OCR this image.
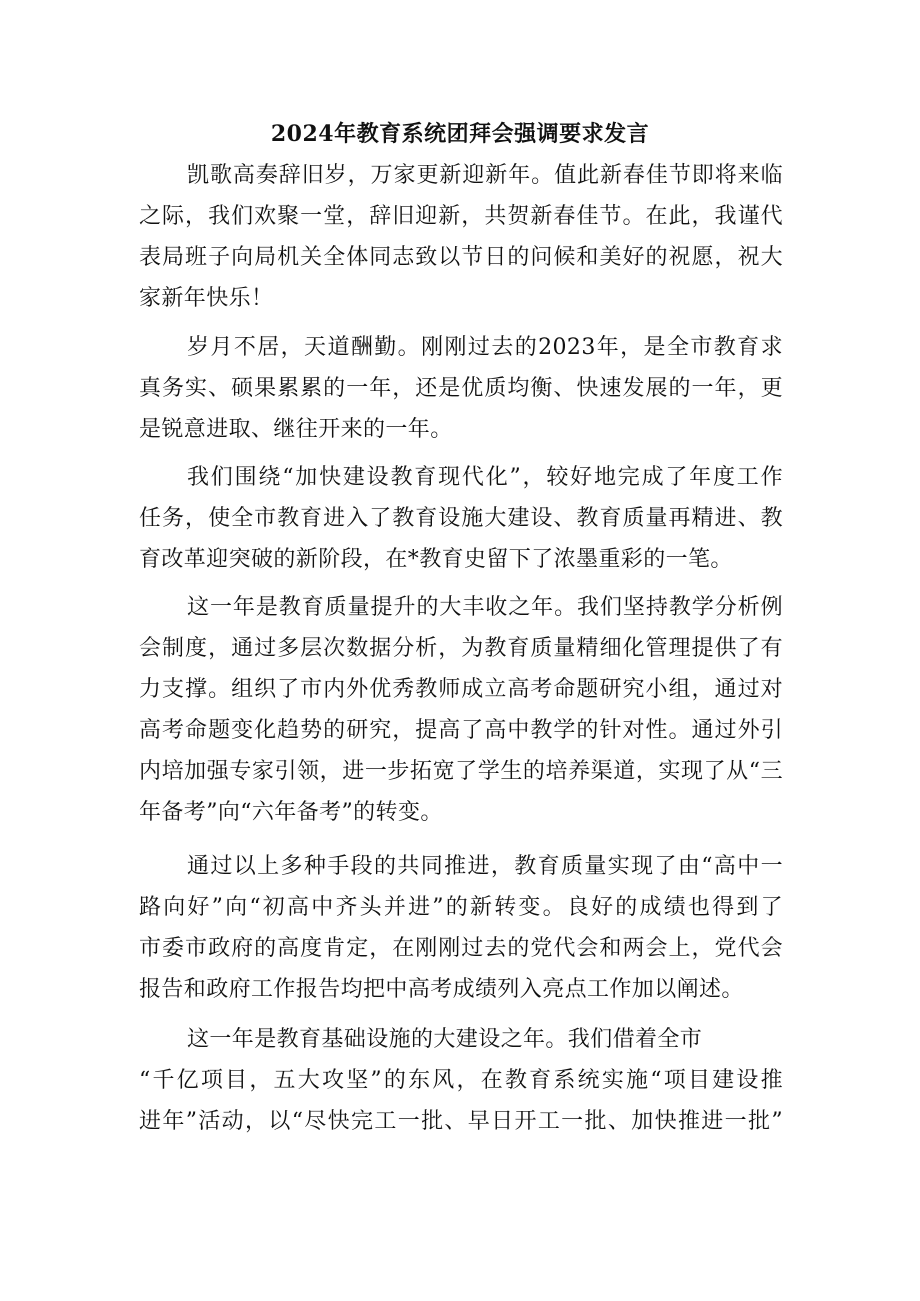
2024年教育系统团拜会强调要求发言
凯歌高奏辞旧岁，万家更新迎新年。值此新春佳节即将来临
之际，我们欢聚一堂，辞旧迎新，共贺新春佳节。在此，我谨代
表局班子向局机关全体同志致以节日的问候和美好的祝愿，祝大
家新年快乐！
岁月不居，天道酬勤。刚刚过去的2023年，是全市教育求
真务实、硕果累累的一年，还是优质均衡、快速发展的一年，更
是锐意进取、继往开来的一年。
我们围绕“加快建设教育现代化”，较好地完成了年度工作
任务，使全市教育进入了教育设施大建设、教育质量再精进、教
育改革迎突破的新阶段，在*教育史留下了浓墨重彩的一笔。
这一年是教育质量提升的大丰收之年。我们坚持教学分析例
会制度，通过多层次数据分析，为教育质量精细化管理提供了有
力支撑。组织了市内外优秀教师成立高考命题研究小组，通过对
高考命题变化趋势的研究，提高了高中教学的针对性。通过外引
内培加强专家引领，进一步拓宽了学生的培养渠道，实现了从“三
年备考”向“六年备考”的转变。
通过以上多种手段的共同推进，教育质量实现了由“高中一
路向好”向“初高中齐头并进”的新转变。良好的成绩也得到了
市委市政府的高度肯定，在刚刚过去的党代会和两会上，党代会
报告和政府工作报告均把中高考成绩列入亮点工作加以阐述。
这一年是教育基础设施的大建设之年。我们借着全市
“千亿项目，五大攻坚”的东风，在教育系统实施“项目建设推
进年”活动，以“尽快完工一批、早日开工一批、加快推进一批”
